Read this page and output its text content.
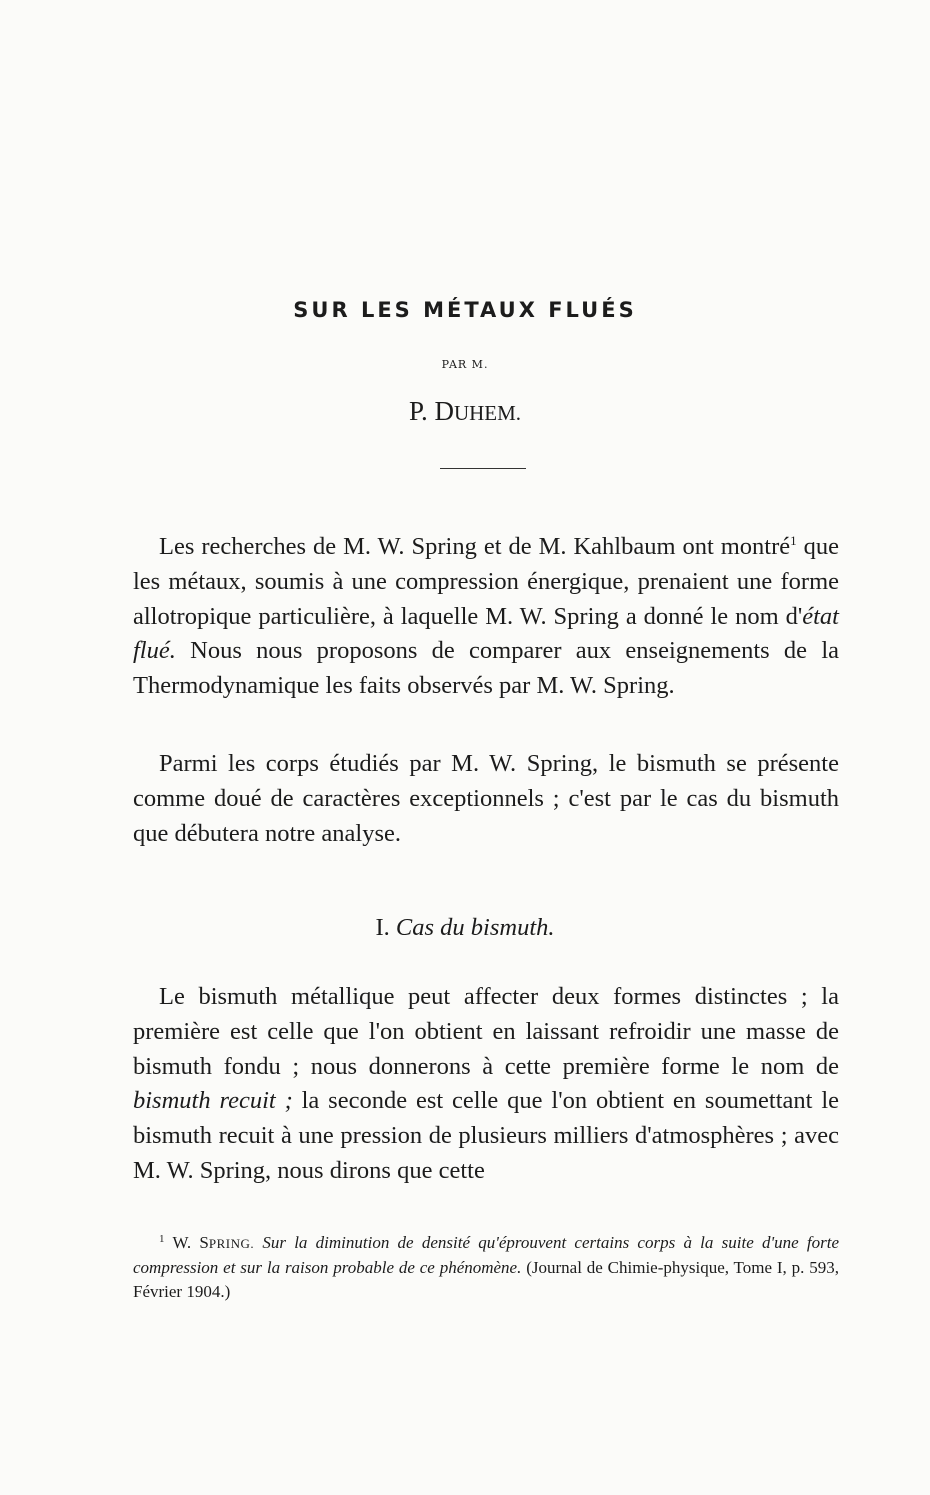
SUR LES MÉTAUX FLUÉS
PAR M.
P. DUHEM.

Les recherches de M. W. Spring et de M. Kahlbaum ont montré$^1$ que les métaux, soumis à une compression énergique, prenaient une forme allotropique particulière, à laquelle M. W. Spring a donné le nom d'état flué. Nous nous proposons de comparer aux enseignements de la Thermodynamique les faits observés par M. W. Spring.

Parmi les corps étudiés par M. W. Spring, le bismuth se présente comme doué de caractères exceptionnels ; c'est par le cas du bismuth que débutera notre analyse.

I. Cas du bismuth.

Le bismuth métallique peut affecter deux formes distinctes ; la première est celle que l'on obtient en laissant refroidir une masse de bismuth fondu ; nous donnerons à cette première forme le nom de bismuth recuit ; la seconde est celle que l'on obtient en soumettant le bismuth recuit à une pression de plusieurs milliers d'atmosphères ; avec M. W. Spring, nous dirons que cette

$^1$ W. SPRING. Sur la diminution de densité qu'éprouvent certains corps à la suite d'une forte compression et sur la raison probable de ce phénomène. (Journal de Chimie-physique, Tome I, p. 593, Février 1904.)
